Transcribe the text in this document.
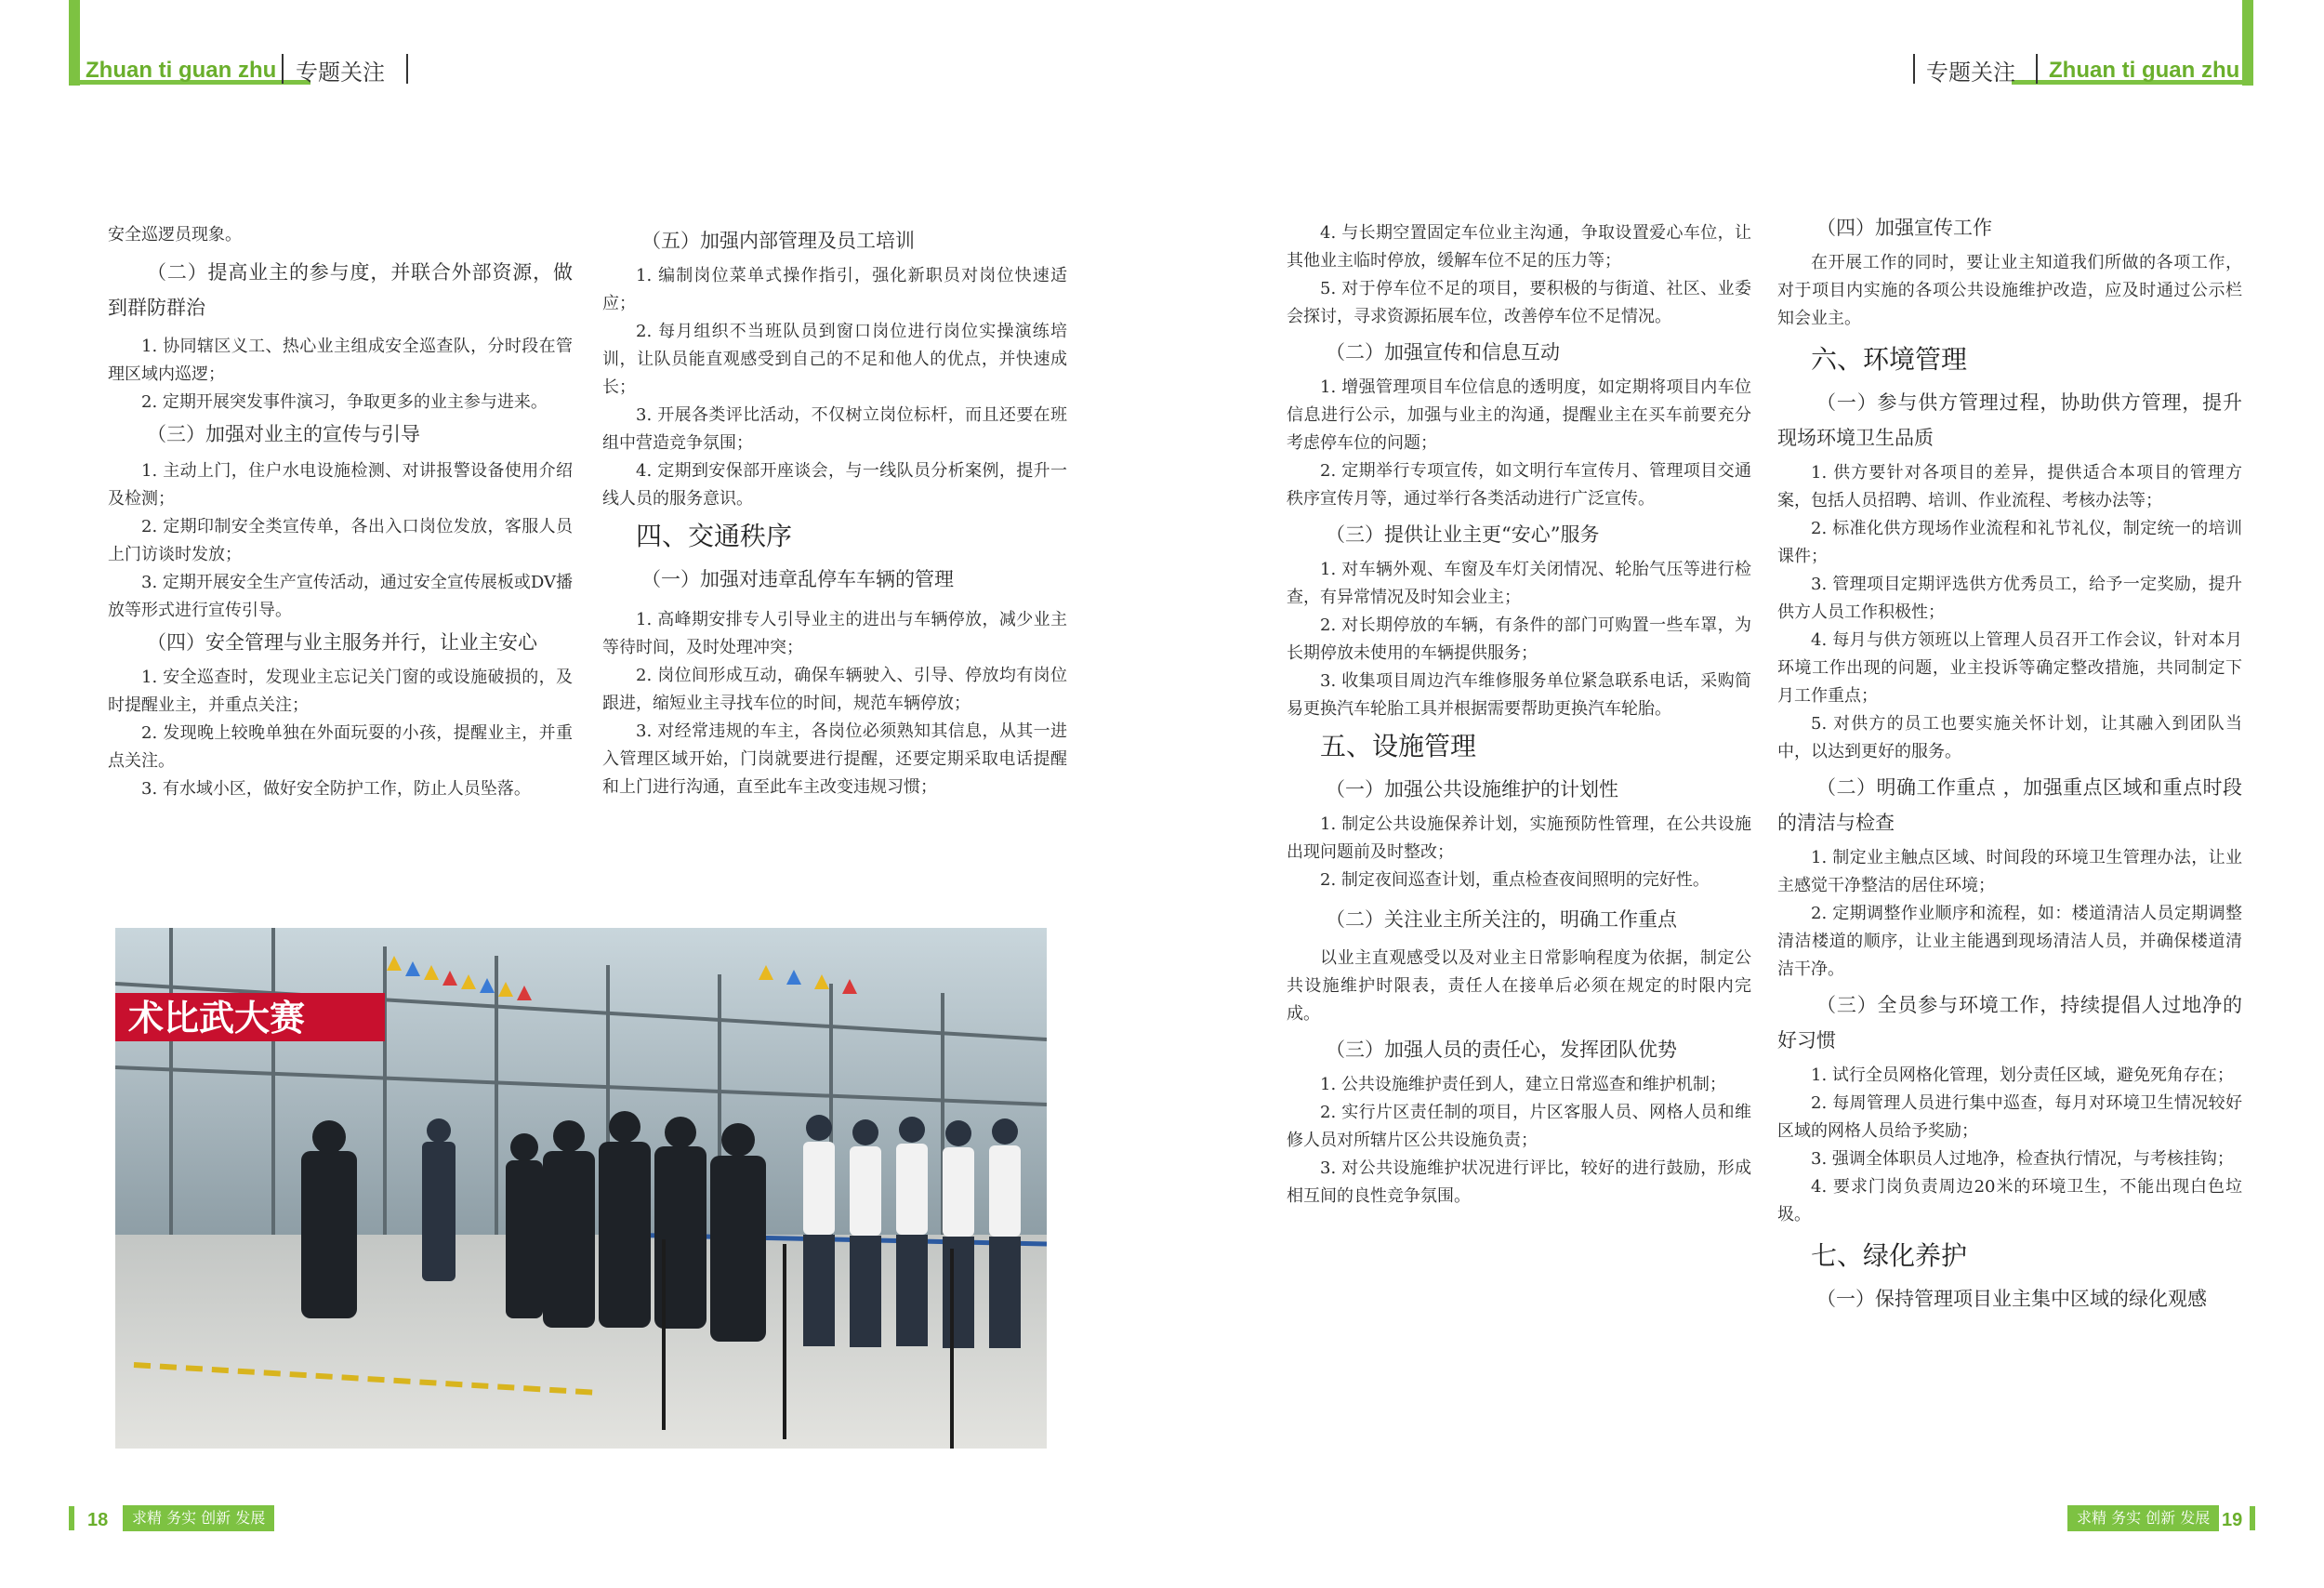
Zhuan ti guan zhu 专题关注

安全巡逻员现象。

（二）提高业主的参与度，并联合外部资源，做到群防群治

1. 协同辖区义工、热心业主组成安全巡查队，分时段在管理区域内巡逻；

2. 定期开展突发事件演习，争取更多的业主参与进来。

（三）加强对业主的宣传与引导

1. 主动上门，住户水电设施检测、对讲报警设备使用介绍及检测；

2. 定期印制安全类宣传单，各出入口岗位发放，客服人员上门访谈时发放；

3. 定期开展安全生产宣传活动，通过安全宣传展板或DV播放等形式进行宣传引导。

（四）安全管理与业主服务并行，让业主安心

1. 安全巡查时，发现业主忘记关门窗的或设施破损的，及时提醒业主，并重点关注；

2. 发现晚上较晚单独在外面玩耍的小孩，提醒业主，并重点关注。

3. 有水域小区，做好安全防护工作，防止人员坠落。

（五）加强内部管理及员工培训

1. 编制岗位菜单式操作指引，强化新职员对岗位快速适应；

2. 每月组织不当班队员到窗口岗位进行岗位实操演练培训，让队员能直观感受到自己的不足和他人的优点，并快速成长；

3. 开展各类评比活动，不仅树立岗位标杆，而且还要在班组中营造竞争氛围；

4. 定期到安保部开座谈会，与一线队员分析案例，提升一线人员的服务意识。

四、交通秩序

（一）加强对违章乱停车车辆的管理

1. 高峰期安排专人引导业主的进出与车辆停放，减少业主等待时间，及时处理冲突；

2. 岗位间形成互动，确保车辆驶入、引导、停放均有岗位跟进，缩短业主寻找车位的时间，规范车辆停放；

3. 对经常违规的车主，各岗位必须熟知其信息，从其一进入管理区域开始，门岗就要进行提醒，还要定期采取电话提醒和上门进行沟通，直至此车主改变违规习惯；

术比武大赛
18	求精 务实 创新 发展
专题关注 Zhuan ti guan zhu

4. 与长期空置固定车位业主沟通，争取设置爱心车位，让其他业主临时停放，缓解车位不足的压力等；

5. 对于停车位不足的项目，要积极的与街道、社区、业委会探讨，寻求资源拓展车位，改善停车位不足情况。

（二）加强宣传和信息互动

1. 增强管理项目车位信息的透明度，如定期将项目内车位信息进行公示，加强与业主的沟通，提醒业主在买车前要充分考虑停车位的问题；

2. 定期举行专项宣传，如文明行车宣传月、管理项目交通秩序宣传月等，通过举行各类活动进行广泛宣传。

（三）提供让业主更“安心”服务

1. 对车辆外观、车窗及车灯关闭情况、轮胎气压等进行检查，有异常情况及时知会业主；

2. 对长期停放的车辆，有条件的部门可购置一些车罩，为长期停放未使用的车辆提供服务；

3. 收集项目周边汽车维修服务单位紧急联系电话，采购简易更换汽车轮胎工具并根据需要帮助更换汽车轮胎。

五、设施管理

（一）加强公共设施维护的计划性

1. 制定公共设施保养计划，实施预防性管理，在公共设施出现问题前及时整改；

2. 制定夜间巡查计划，重点检查夜间照明的完好性。

（二）关注业主所关注的，明确工作重点

以业主直观感受以及对业主日常影响程度为依据，制定公共设施维护时限表，责任人在接单后必须在规定的时限内完成。

（三）加强人员的责任心，发挥团队优势

1. 公共设施维护责任到人，建立日常巡查和维护机制；

2. 实行片区责任制的项目，片区客服人员、网格人员和维修人员对所辖片区公共设施负责；

3. 对公共设施维护状况进行评比，较好的进行鼓励，形成相互间的良性竞争氛围。

（四）加强宣传工作

在开展工作的同时，要让业主知道我们所做的各项工作，对于项目内实施的各项公共设施维护改造，应及时通过公示栏知会业主。

六、环境管理

（一）参与供方管理过程，协助供方管理，提升现场环境卫生品质

1. 供方要针对各项目的差异，提供适合本项目的管理方案，包括人员招聘、培训、作业流程、考核办法等；

2. 标准化供方现场作业流程和礼节礼仪，制定统一的培训课件；

3. 管理项目定期评选供方优秀员工，给予一定奖励，提升供方人员工作积极性；

4. 每月与供方领班以上管理人员召开工作会议，针对本月环境工作出现的问题，业主投诉等确定整改措施，共同制定下月工作重点；

5. 对供方的员工也要实施关怀计划，让其融入到团队当中，以达到更好的服务。

（二）明确工作重点 ，加强重点区域和重点时段的清洁与检查

1. 制定业主触点区域、时间段的环境卫生管理办法，让业主感觉干净整洁的居住环境；

2. 定期调整作业顺序和流程，如：楼道清洁人员定期调整清洁楼道的顺序，让业主能遇到现场清洁人员，并确保楼道清洁干净。

（三）全员参与环境工作，持续提倡人过地净的好习惯

1. 试行全员网格化管理，划分责任区域，避免死角存在；

2. 每周管理人员进行集中巡查，每月对环境卫生情况较好区域的网格人员给予奖励；

3. 强调全体职员人过地净，检查执行情况，与考核挂钩；

4. 要求门岗负责周边20米的环境卫生，不能出现白色垃圾。

七、绿化养护

（一）保持管理项目业主集中区域的绿化观感

求精 务实 创新 发展 19
